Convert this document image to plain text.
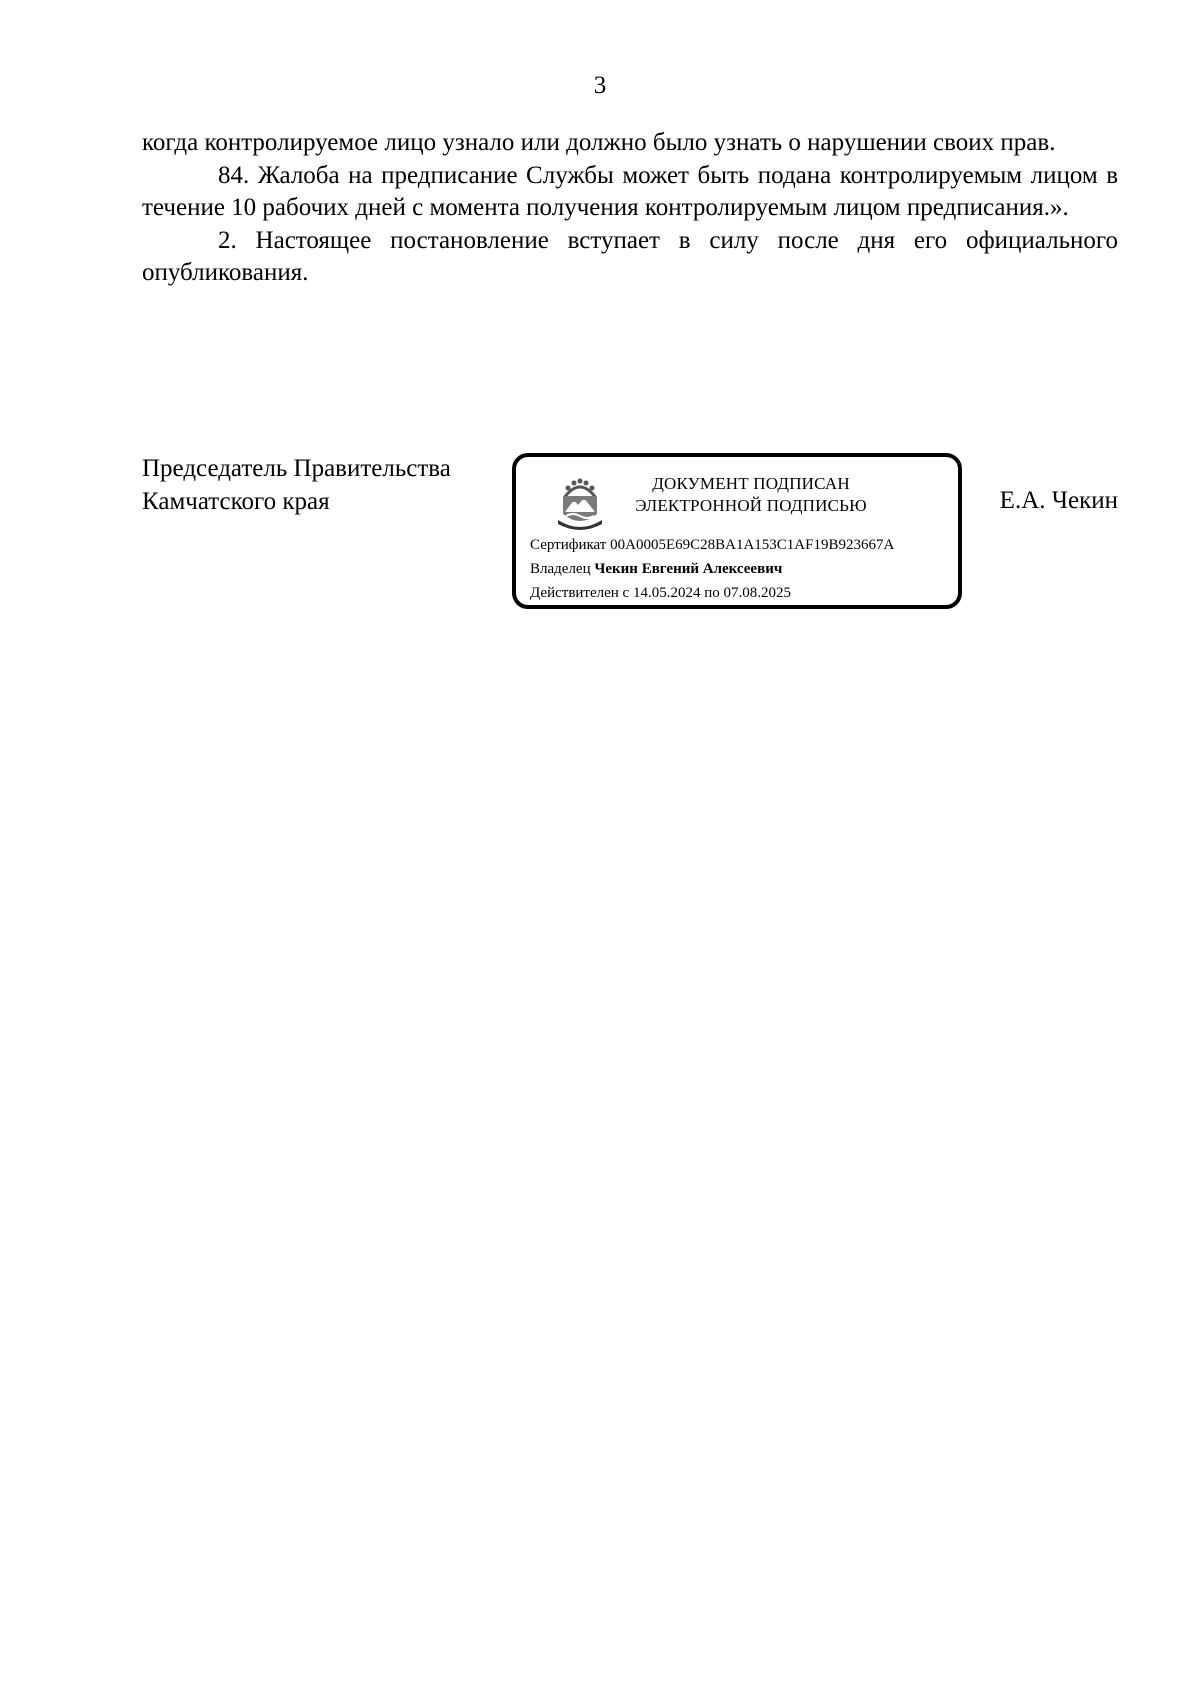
3

когда контролируемое лицо узнало или должно было узнать о нарушении своих прав.

84. Жалоба на предписание Службы может быть подана контролируемым лицом в течение 10 рабочих дней с момента получения контролируемым лицом предписания.».

2. Настоящее постановление вступает в силу после дня его официального опубликования.

Председатель Правительства
Камчатского края
ДОКУМЕНТ ПОДПИСАН
ЭЛЕКТРОННОЙ ПОДПИСЬЮ
Сертификат 00A0005E69C28BA1A153C1AF19B923667A
Владелец Чекин Евгений Алексеевич
Действителен с 14.05.2024 по 07.08.2025
Е.А. Чекин
